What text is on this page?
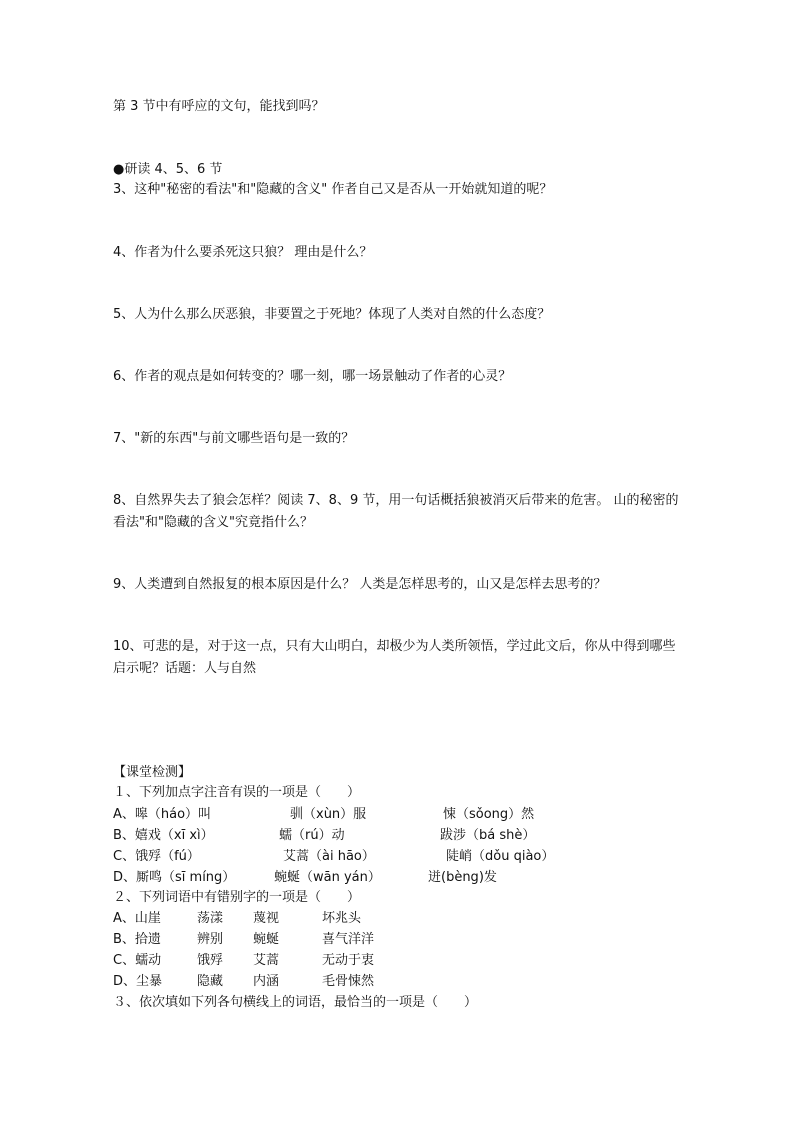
第 3 节中有呼应的文句，能找到吗？
●研读 4、5、6 节
3、这种"秘密的看法"和"隐藏的含义" 作者自己又是否从一开始就知道的呢？
4、作者为什么要杀死这只狼？ 理由是什么？
5、人为什么那么厌恶狼，非要置之于死地？体现了人类对自然的什么态度？
6、作者的观点是如何转变的？哪一刻，哪一场景触动了作者的心灵？
7、"新的东西"与前文哪些语句是一致的？
8、自然界失去了狼会怎样？阅读 7、8、9 节，用一句话概括狼被消灭后带来的危害。 山的秘密的看法"和"隐藏的含义"究竟指什么？
9、人类遭到自然报复的根本原因是什么？ 人类是怎样思考的，山又是怎样去思考的？
10、可悲的是，对于这一点，只有大山明白，却极少为人类所领悟，学过此文后，你从中得到哪些启示呢？话题：人与自然
【课堂检测】
１、下列加点字注音有误的一项是（　　）
A、嗥（háo）叫	驯（xùn）服	悚（sǒong）然
B、嬉戏（xī xì）	蠕（rú）动	跋涉（bá shè）
C、饿殍（fú）	艾蒿（ài hāo）	陡峭（dǒu qiào）
D、厮鸣（sī míng）	蜿蜒（wān yán）	迸(bèng)发
２、下列词语中有错别字的一项是（　　）
A、山崖	荡漾 蔑视	坏兆头
B、拾遗	辨别 蜿蜒	喜气洋洋
C、蠕动	饿殍 艾蒿	无动于衷
D、尘暴	隐藏 内涵	毛骨悚然
３、依次填如下列各句横线上的词语，最恰当的一项是（　　）
